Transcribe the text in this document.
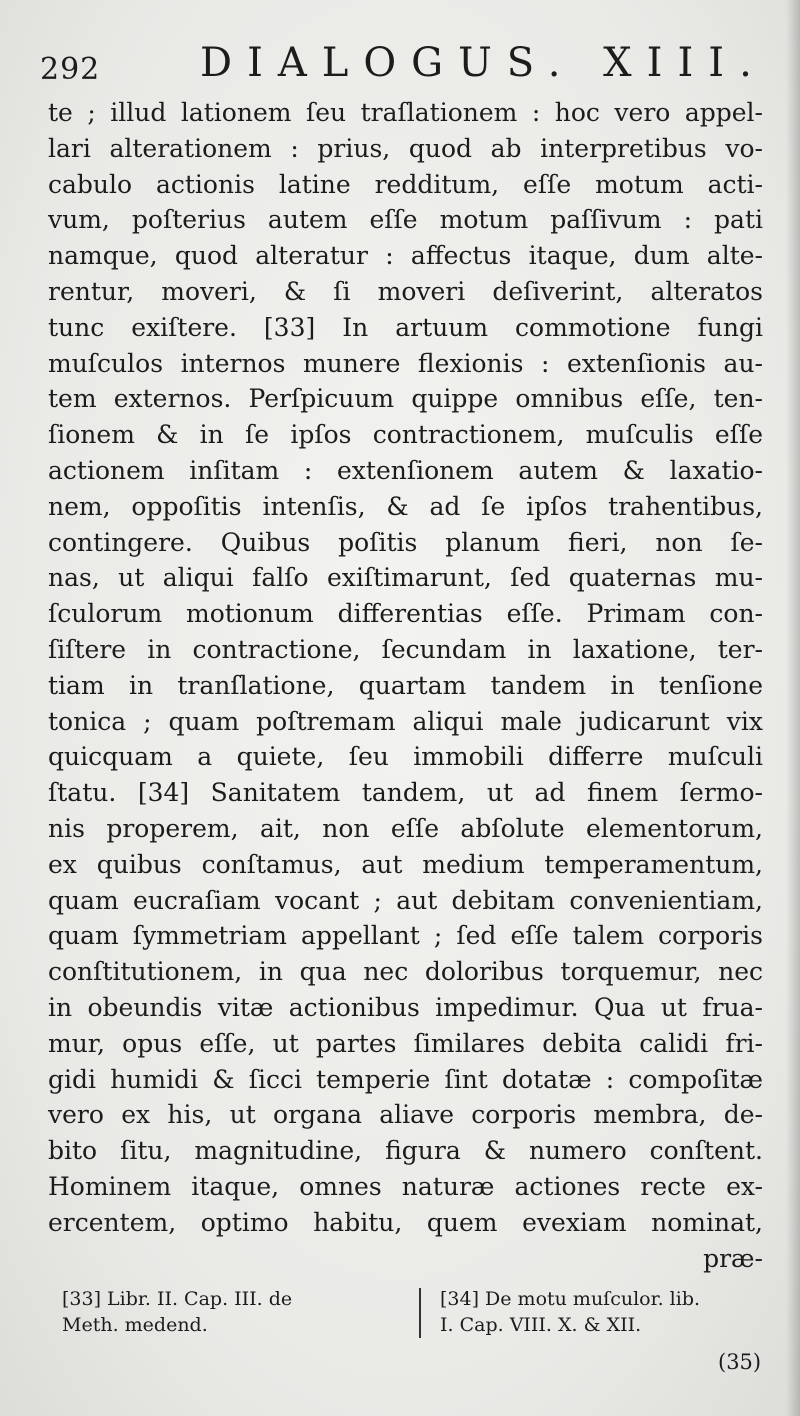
292 DIALOGUS. XIII.
te ; illud lationem ſeu traſlationem : hoc vero appel-
lari alterationem : prius, quod ab interpretibus vo-
cabulo actionis latine redditum, eſſe motum acti-
vum, poſterius autem eſſe motum paſſivum : pati
namque, quod alteratur : affectus itaque, dum alte-
rentur, moveri, & ſi moveri deſiverint, alteratos
tunc exiſtere. [33] In artuum commotione fungi
muſculos internos munere flexionis : extenſionis au-
tem externos. Perſpicuum quippe omnibus eſſe, ten-
ſionem & in ſe ipſos contractionem, muſculis eſſe
actionem inſitam : extenſionem autem & laxatio-
nem, oppoſitis intenſis, & ad ſe ipſos trahentibus,
contingere. Quibus poſitis planum fieri, non ſe-
nas, ut aliqui falſo exiſtimarunt, ſed quaternas mu-
ſculorum motionum differentias eſſe. Primam con-
ſiſtere in contractione, ſecundam in laxatione, ter-
tiam in tranſlatione, quartam tandem in tenſione
tonica ; quam poſtremam aliqui male judicarunt vix
quicquam a quiete, ſeu immobili differre muſculi
ſtatu. [34] Sanitatem tandem, ut ad finem ſermo-
nis properem, ait, non eſſe abſolute elementorum,
ex quibus conſtamus, aut medium temperamentum,
quam eucraſiam vocant ; aut debitam convenientiam,
quam ſymmetriam appellant ; ſed eſſe talem corporis
conſtitutionem, in qua nec doloribus torquemur, nec
in obeundis vitæ actionibus impedimur. Qua ut frua-
mur, opus eſſe, ut partes ſimilares debita calidi fri-
gidi humidi & ſicci temperie ſint dotatæ : compoſitæ
vero ex his, ut organa aliave corporis membra, de-
bito ſitu, magnitudine, figura & numero conſtent.
Hominem itaque, omnes naturæ actiones recte ex-
ercentem, optimo habitu, quem evexiam nominat,
præ-
[33] Libr. II. Cap. III. de
Meth. medend.
[34] De motu muſculor. lib.
I. Cap. VIII. X. & XII.
(35)
